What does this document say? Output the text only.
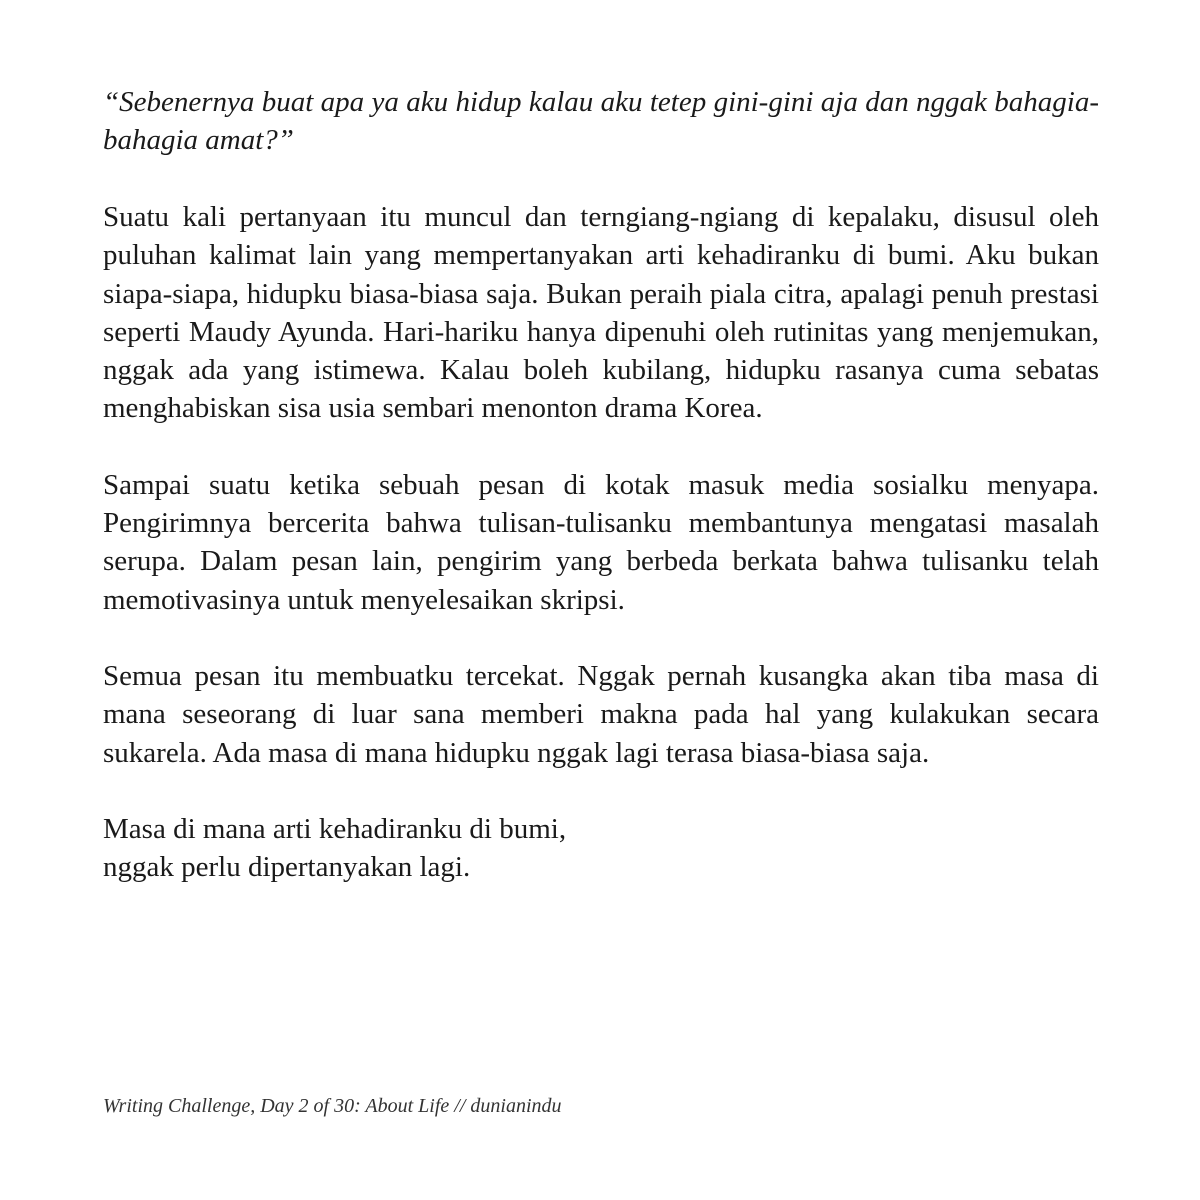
“Sebenernya buat apa ya aku hidup kalau aku tetep gini-gini aja dan nggak bahagia-bahagia amat?”

Suatu kali pertanyaan itu muncul dan terngiang-ngiang di kepalaku, disusul oleh puluhan kalimat lain yang mempertanyakan arti kehadiranku di bumi. Aku bukan siapa-siapa, hidupku biasa-biasa saja. Bukan peraih piala citra, apalagi penuh prestasi seperti Maudy Ayunda. Hari-hariku hanya dipenuhi oleh rutinitas yang menjemukan, nggak ada yang istimewa. Kalau boleh kubilang, hidupku rasanya cuma sebatas menghabiskan sisa usia sembari menonton drama Korea.

Sampai suatu ketika sebuah pesan di kotak masuk media sosialku menyapa. Pengirimnya bercerita bahwa tulisan-tulisanku membantunya mengatasi masalah serupa. Dalam pesan lain, pengirim yang berbeda berkata bahwa tulisanku telah memotivasinya untuk menyelesaikan skripsi.

Semua pesan itu membuatku tercekat. Nggak pernah kusangka akan tiba masa di mana seseorang di luar sana memberi makna pada hal yang kulakukan secara sukarela. Ada masa di mana hidupku nggak lagi terasa biasa-biasa saja.

Masa di mana arti kehadiranku di bumi,
nggak perlu dipertanyakan lagi.

Writing Challenge, Day 2 of 30: About Life // dunianindu
